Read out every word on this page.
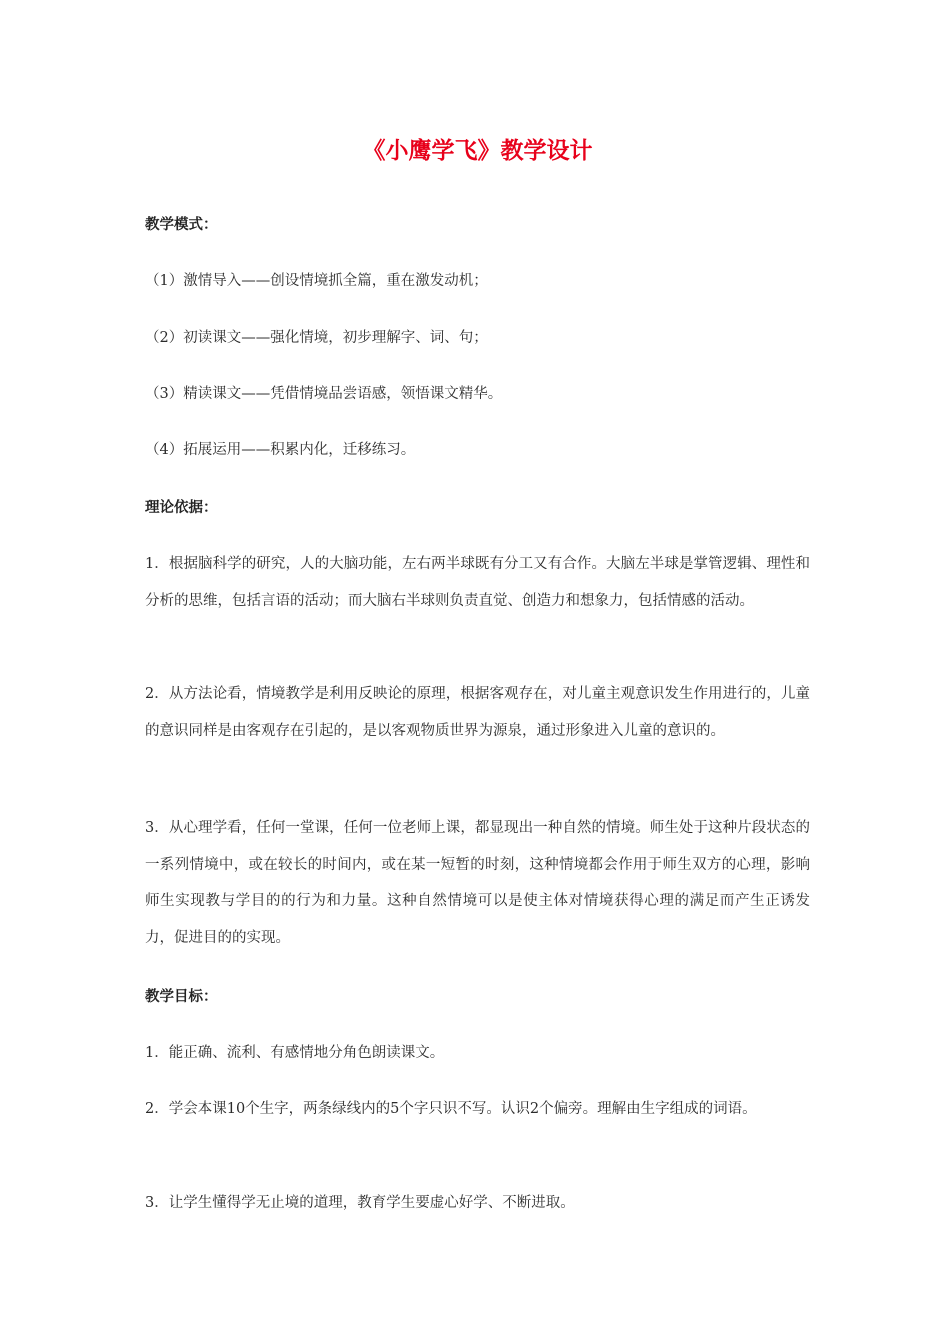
《小鹰学飞》教学设计
教学模式：

（1）激情导入——创设情境抓全篇，重在激发动机；

（2）初读课文——强化情境，初步理解字、词、句；

（3）精读课文——凭借情境品尝语感，领悟课文精华。

（4）拓展运用——积累内化，迁移练习。

理论依据：

1．根据脑科学的研究，人的大脑功能，左右两半球既有分工又有合作。大脑左半球是掌管逻辑、理性和分析的思维，包括言语的活动；而大脑右半球则负责直觉、创造力和想象力，包括情感的活动。

2．从方法论看，情境教学是利用反映论的原理，根据客观存在，对儿童主观意识发生作用进行的，儿童的意识同样是由客观存在引起的，是以客观物质世界为源泉，通过形象进入儿童的意识的。

3．从心理学看，任何一堂课，任何一位老师上课，都显现出一种自然的情境。师生处于这种片段状态的一系列情境中，或在较长的时间内，或在某一短暂的时刻，这种情境都会作用于师生双方的心理，影响师生实现教与学目的的行为和力量。这种自然情境可以是使主体对情境获得心理的满足而产生正诱发力，促进目的的实现。

教学目标：

1．能正确、流利、有感情地分角色朗读课文。

2．学会本课10个生字，两条绿线内的5个字只识不写。认识2个偏旁。理解由生字组成的词语。

3．让学生懂得学无止境的道理，教育学生要虚心好学、不断进取。
